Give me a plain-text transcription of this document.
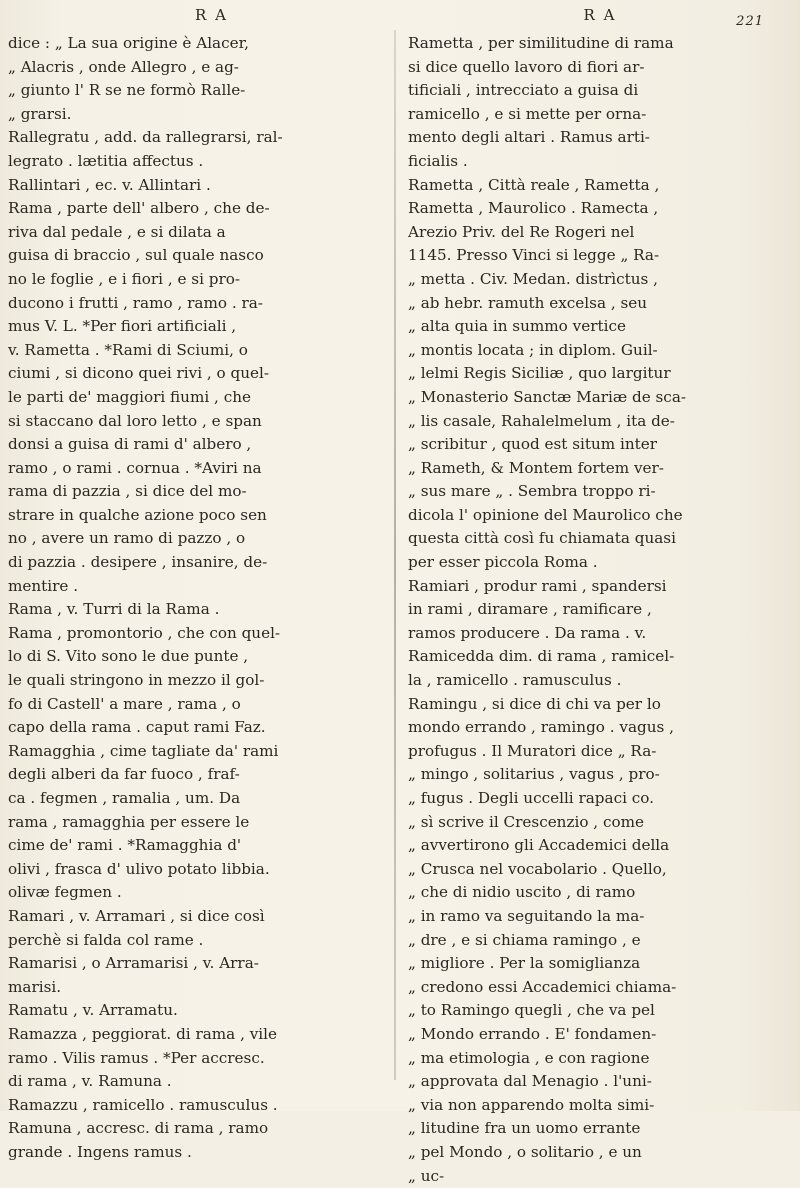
R A	R A	221
dice : „ La sua origine è Alacer,
„ Alacris , onde Allegro , e ag-
„ giunto l' R se ne formò Ralle-
„ grarsi.
Rallegratu , add. da rallegrarsi, ral-
legrato . lætitia affectus .
Rallintari , ec. v. Allintari .
Rama , parte dell' albero , che de-
riva dal pedale , e si dilata a
guisa di braccio , sul quale nasco
no le foglie , e i fiori , e si pro-
ducono i frutti , ramo , ramo . ra-
mus V. L. *Per fiori artificiali ,
v. Rametta . *Rami di Sciumi, o
ciumi , si dicono quei rivi , o quel-
le parti de' maggiori fiumi , che
si staccano dal loro letto , e span
donsi a guisa di rami d' albero ,
ramo , o rami . cornua . *Aviri na
rama di pazzia , si dice del mo-
strare in qualche azione poco sen
no , avere un ramo di pazzo , o
di pazzia . desipere , insanire, de-
mentire .
Rama , v. Turri di la Rama .
Rama , promontorio , che con quel-
lo di S. Vito sono le due punte ,
le quali stringono in mezzo il gol-
fo di Castell' a mare , rama , o
capo della rama . caput rami Faz.
Ramagghia , cime tagliate da' rami
degli alberi da far fuoco , fraf-
ca . fegmen , ramalia , um. Da
rama , ramagghia per essere le
cime de' rami . *Ramagghia d'
olivi , frasca d' ulivo potato libbia.
olivæ fegmen .
Ramari , v. Arramari , si dice così
perchè si falda col rame .
Ramarisi , o Arramarisi , v. Arra-
marisi.
Ramatu , v. Arramatu.
Ramazza , peggiorat. di rama , vile
ramo . Vilis ramus . *Per accresc.
di rama , v. Ramuna .
Ramazzu , ramicello . ramusculus .
Ramuna , accresc. di rama , ramo
grande . Ingens ramus .
Rametta , per similitudine di rama
si dice quello lavoro di fiori ar-
tificiali , intrecciato a guisa di
ramicello , e si mette per orna-
mento degli altari . Ramus arti-
ficialis .
Rametta , Città reale , Rametta ,
Rametta , Maurolico . Ramecta ,
Arezio Priv. del Re Rogeri nel
1145. Presso Vinci si legge „ Ra-
„ metta . Civ. Medan. distrìctus ,
„ ab hebr. ramuth excelsa , seu
„ alta quia in summo vertice
„ montis locata ; in diplom. Guil-
„ lelmi Regis Siciliæ , quo largitur
„ Monasterio Sanctæ Mariæ de sca-
„ lis casale, Rahalelmelum , ita de-
„ scribitur , quod est situm inter
„ Rameth, & Montem fortem ver-
„ sus mare „ . Sembra troppo ri-
dicola l' opinione del Maurolico che
questa città così fu chiamata quasi
per esser piccola Roma .
Ramiari , produr rami , spandersi
in rami , diramare , ramificare ,
ramos producere . Da rama . v.
Ramicedda dim. di rama , ramicel-
la , ramicello . ramusculus .
Ramingu , si dice di chi va per lo
mondo errando , ramingo . vagus ,
profugus . Il Muratori dice „ Ra-
„ mingo , solitarius , vagus , pro-
„ fugus . Degli uccelli rapaci co.
„ sì scrive il Crescenzio , come
„ avvertirono gli Accademici della
„ Crusca nel vocabolario . Quello,
„ che di nidio uscito , di ramo
„ in ramo va seguitando la ma-
„ dre , e si chiama ramingo , e
„ migliore . Per la somiglianza
„ credono essi Accademici chiama-
„ to Ramingo quegli , che va pel
„ Mondo errando . E' fondamen-
„ ma etimologia , e con ragione
„ approvata dal Menagio . l'uni-
„ via non apparendo molta simi-
„ litudine fra un uomo errante
„ pel Mondo , o solitario , e un
„ uc-
